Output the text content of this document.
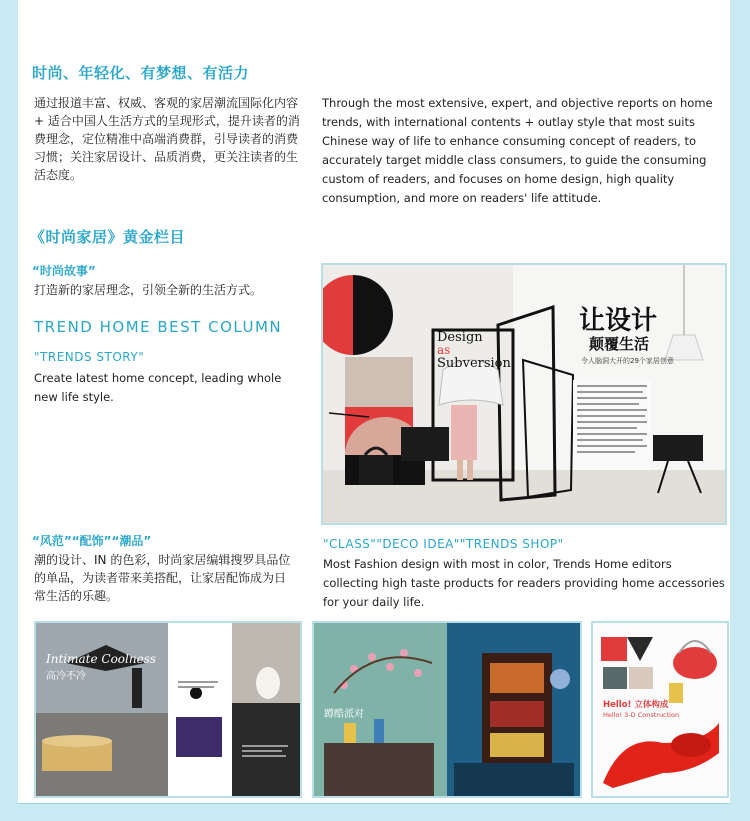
时尚、年轻化、有梦想、有活力
通过报道丰富、权威、客观的家居潮流国际化内容 + 适合中国人生活方式的呈现形式，提升读者的消费理念，定位精准中高端消费群，引导读者的消费习惯；关注家居设计、品质消费，更关注读者的生活态度。
Through the most extensive, expert, and objective reports on home trends, with international contents + outlay style that most suits Chinese way of life to enhance consuming concept of readers, to accurately target middle class consumers, to guide the consuming custom of readers, and focuses on home design, high quality consumption, and more on readers' life attitude.
《时尚家居》黄金栏目
“时尚故事”
打造新的家居理念，引领全新的生活方式。
TREND HOME BEST COLUMN
"TRENDS STORY"
Create latest home concept, leading whole new life style.
Design
as
Subversion
让设计
颠覆生活
令人脑洞大开的29个家居创意
“风范”“配饰”“潮品”
潮的设计、IN 的色彩，时尚家居编辑搜罗具品位的单品，为读者带来美搭配，让家居配饰成为日常生活的乐趣。
"CLASS""DECO IDEA""TRENDS SHOP"
Most Fashion design with most in color, Trends Home editors collecting high taste products for readers providing home accessories for your daily life.
Intimate Coolness
高冷不冷
蹲酷派对
Hello! 立体构成
Hello! 3-D Construction
